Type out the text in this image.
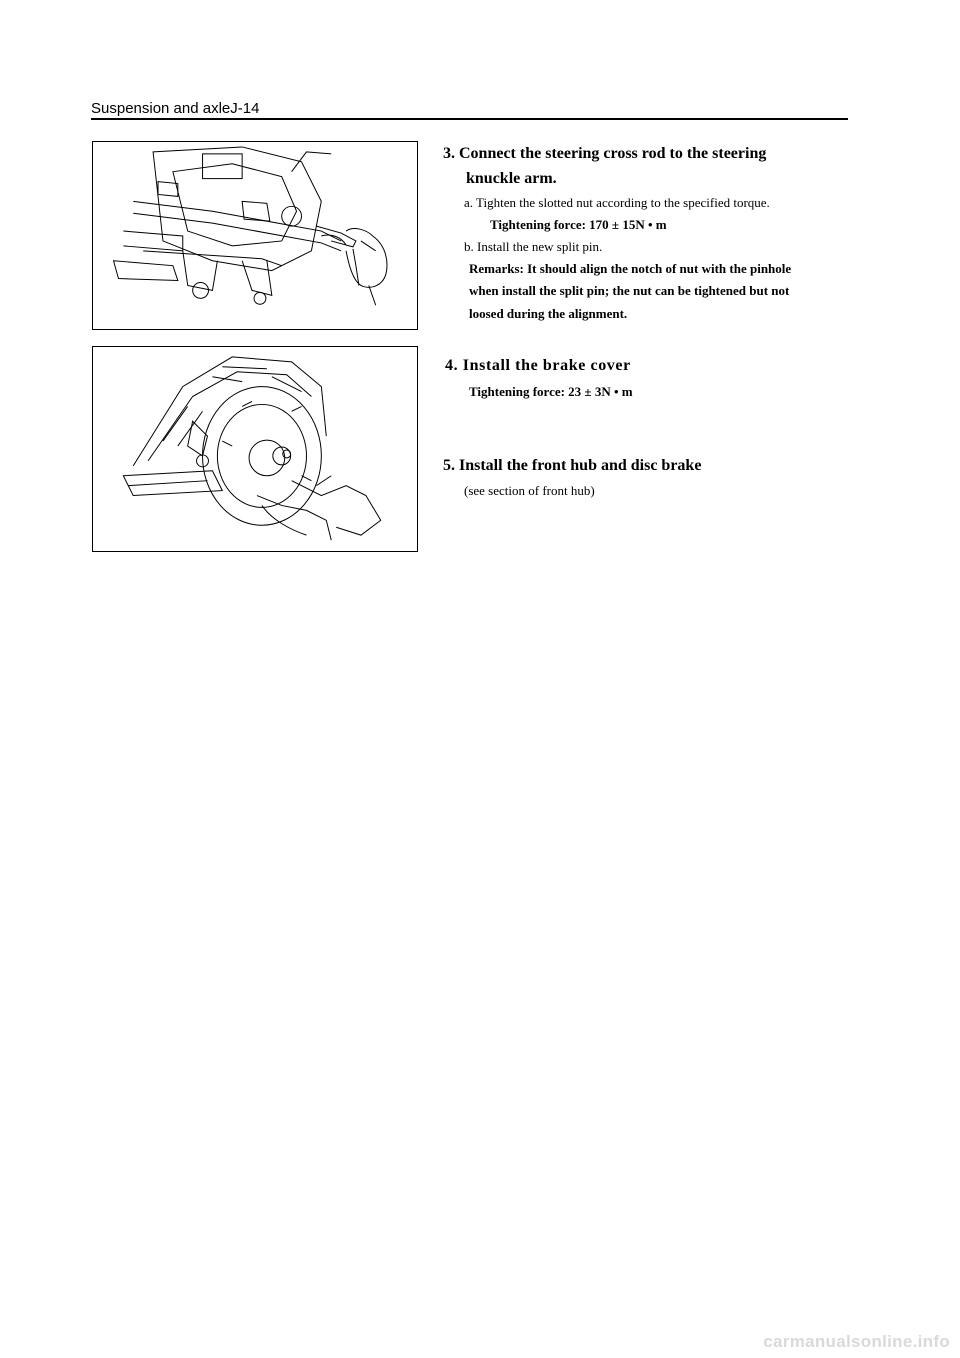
Suspension and axleJ-14
3. Connect the steering cross rod to the steering
knuckle arm.
a. Tighten the slotted nut according to the specified torque.
Tightening force: 170 ± 15N • m
b. Install the new split pin.
Remarks: It should align the notch of nut with the pinhole
when install the split pin; the nut can be tightened but not
loosed during the alignment.
4. Install the brake cover
Tightening force: 23 ± 3N • m
5. Install the front hub and disc brake
(see section of front hub)
carmanualsonline.info
